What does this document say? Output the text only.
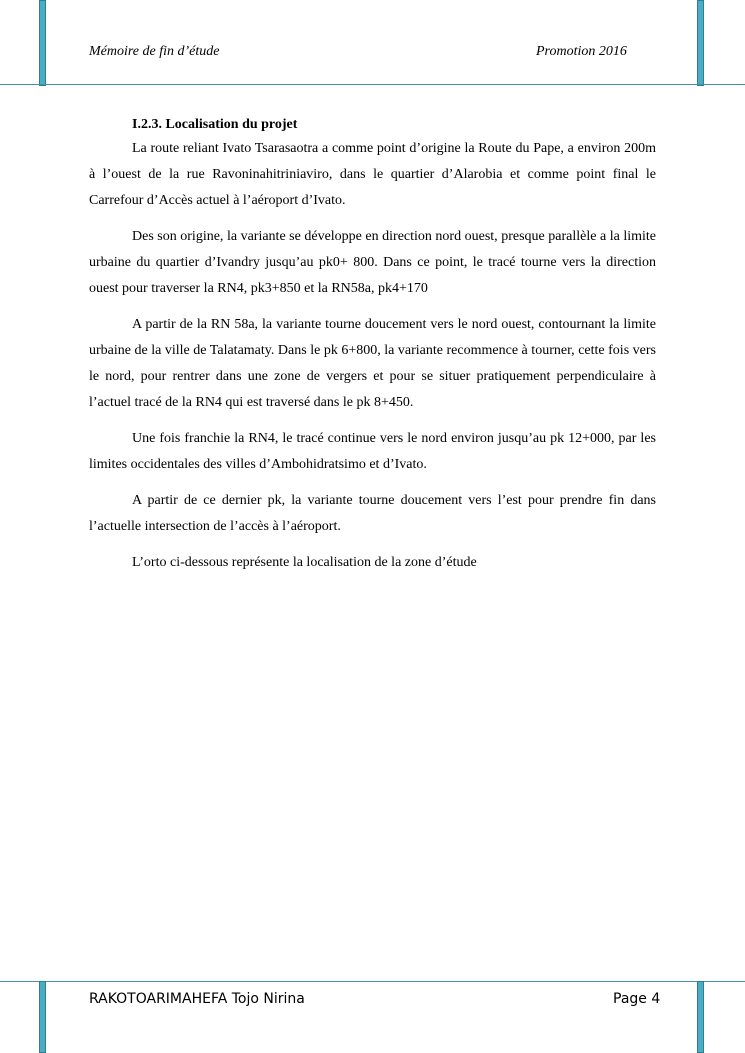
Mémoire de fin d’étude	Promotion 2016
I.2.3. Localisation du projet

La route reliant Ivato Tsarasaotra a comme point d’origine la Route du Pape, a environ 200m à l’ouest de la rue Ravoninahitriniaviro, dans le quartier d’Alarobia et comme point final le Carrefour d’Accès actuel à l’aéroport d’Ivato.

Des son origine, la variante se développe en direction nord ouest, presque parallèle a la limite urbaine du quartier d’Ivandry jusqu’au pk0+ 800. Dans ce point, le tracé tourne vers la direction ouest pour traverser la RN4, pk3+850 et la RN58a, pk4+170

A partir de la RN 58a, la variante tourne doucement vers le nord ouest, contournant la limite urbaine de la ville de Talatamaty. Dans le pk 6+800, la variante recommence à tourner, cette fois vers le nord, pour rentrer dans une zone de vergers et pour se situer pratiquement perpendiculaire à l’actuel tracé de la RN4 qui est traversé dans le pk 8+450.

Une fois franchie la RN4, le tracé continue vers le nord environ jusqu’au pk 12+000, par les limites occidentales des villes d’Ambohidratsimo et d’Ivato.

A partir de ce dernier pk, la variante tourne doucement vers l’est pour prendre fin dans l’actuelle intersection de l’accès à l’aéroport.

L’orto ci-dessous représente la localisation de la zone d’étude

RAKOTOARIMAHEFA Tojo Nirina	Page 4
